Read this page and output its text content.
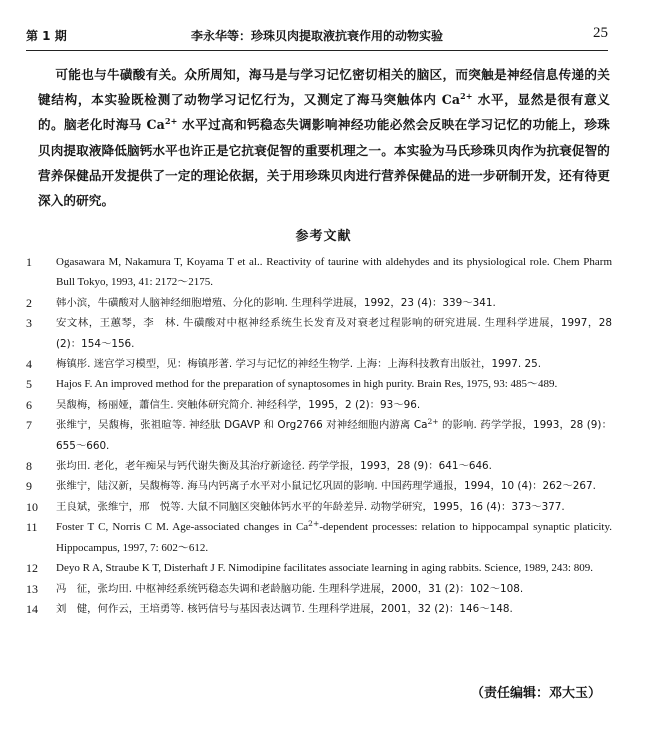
第 1 期	李永华等：珍珠贝肉提取液抗衰作用的动物实验	25
  可能也与牛磺酸有关。众所周知，海马是与学习记忆密切相关的脑区，而突触是神经信息传递的关键结构，本实验既检测了动物学习记忆行为，又测定了海马突触体内 $Ca^{2+}$ 水平，显然是很有意义的。脑老化时海马 $Ca^{2+}$ 水平过高和钙稳态失调影响神经功能必然会反映在学习记忆的功能上，珍珠贝肉提取液降低脑钙水平也许正是它抗衰促智的重要机理之一。本实验为马氏珍珠贝肉作为抗衰促智的营养保健品开发提供了一定的理论依据，关于用珍珠贝肉进行营养保健品的进一步研制开发，还有待更深入的研究。
参考文献
1 Ogasawara M, Nakamura T, Koyama T et al.. Reactivity of taurine with aldehydes and its physiological role. Chem Pharm Bull Tokyo, 1993, 41: 2172～2175.
2 韩小滨，牛磺酸对人脑神经细胞增殖、分化的影响. 生理科学进展，1992，23 (4)：339～341.
3 安文林，王蕙琴，李　林. 牛磺酸对中枢神经系统生长发育及对衰老过程影响的研究进展. 生理科学进展，1997，28 (2)：154～156.
4 梅镇彤. 迷宫学习模型，见：梅镇彤著. 学习与记忆的神经生物学. 上海：上海科技教育出版社，1997. 25.
5 Hajos F. An improved method for the preparation of synaptosomes in high purity. Brain Res, 1975, 93: 485～489.
6 吴馥梅，杨丽娅，蕭信生. 突触体研究简介. 神经科学，1995，2 (2)：93～96.
7 张维宁，吴馥梅，张祖暄等. 神经肽 DGAVP 和 Org2766 对神经细胞内游离 $Ca^{2+}$ 的影响. 药学学报，1993，28 (9)：655～660.
8 张均田. 老化，老年痴呆与钙代谢失衡及其治疗新途径. 药学学报，1993，28 (9)：641～646.
9 张维宁，陆汉新，吴馥梅等. 海马内钙离子水平对小鼠记忆巩固的影响. 中国药理学通报，1994，10 (4)：262～267.
10 王良斌，张维宁，邢　悦等. 大鼠不同脑区突触体钙水平的年龄差异. 动物学研究，1995，16 (4)：373～377.
11 Foster T C, Norris C M. Age-associated changes in $Ca^{2+}$-dependent processes: relation to hippocampal synaptic platicity. Hippocampus, 1997, 7: 602～612.
12 Deyo R A, Straube K T, Disterhaft J F. Nimodipine facilitates associate learning in aging rabbits. Science, 1989, 243: 809.
13 冯　征，张均田. 中枢神经系统钙稳态失调和老龄脑功能. 生理科学进展，2000，31 (2)：102～108.
14 刘　健，何作云，王培勇等. 核钙信号与基因表达调节. 生理科学进展，2001，32 (2)：146～148.
（责任编辑：邓大玉）
